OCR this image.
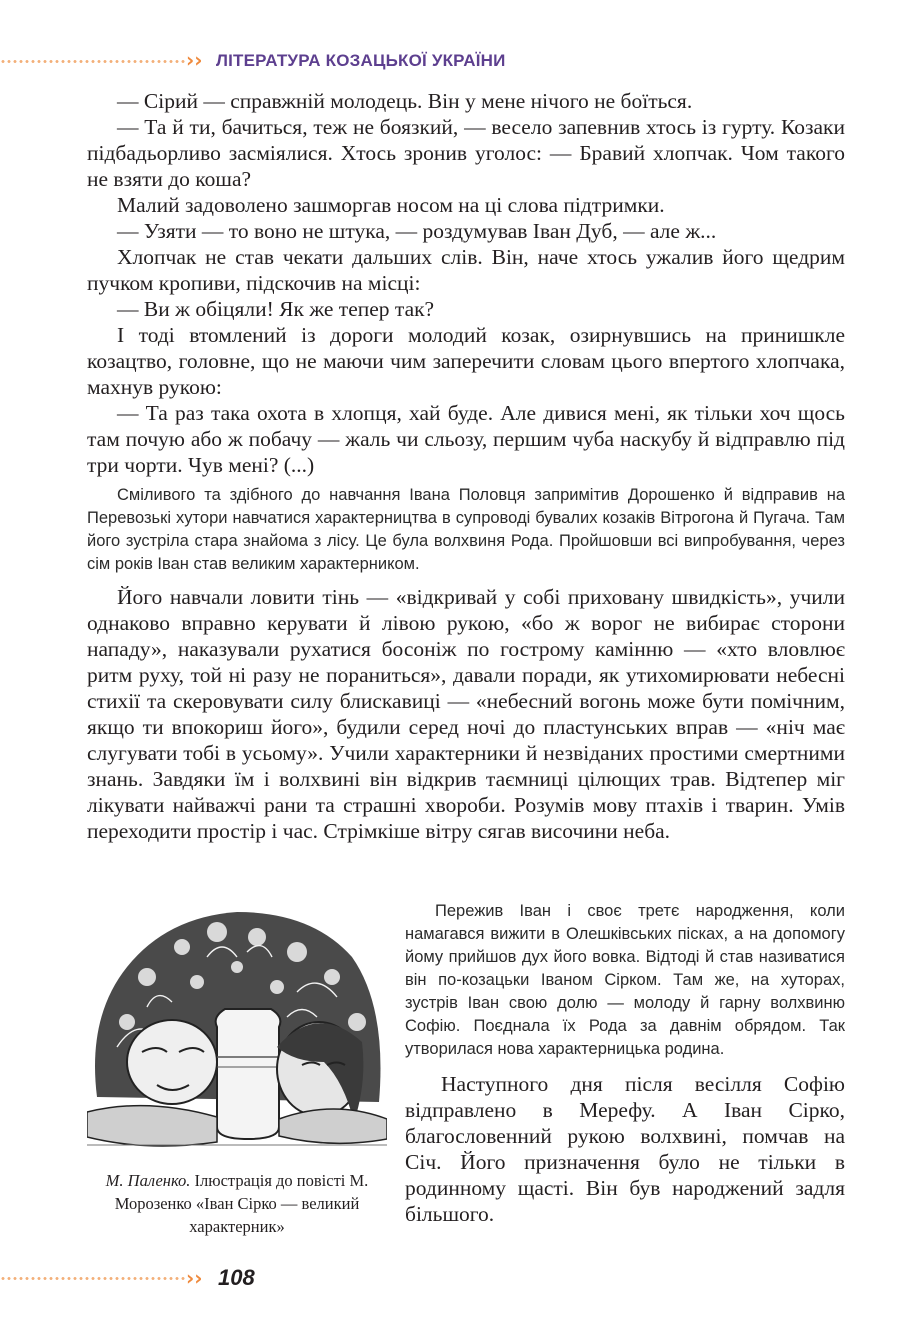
›› ЛІТЕРАТУРА КОЗАЦЬКОЇ УКРАЇНИ

— Сірий — справжній молодець. Він у мене нічого не боїться.

— Та й ти, бачиться, теж не боязкий, — весело запевнив хтось із гурту. Козаки підбадьорливо засміялися. Хтось зронив уголос: — Бравий хлопчак. Чом такого не взяти до коша?

Малий задоволено зашморгав носом на ці слова підтримки.

— Узяти — то воно не штука, — роздумував Іван Дуб, — але ж...

Хлопчак не став чекати дальших слів. Він, наче хтось ужалив його щедрим пучком кропиви, підскочив на місці:

— Ви ж обіцяли! Як же тепер так?

І тоді втомлений із дороги молодий козак, озирнувшись на принишкле козацтво, головне, що не маючи чим заперечити словам цього впертого хлопчака, махнув рукою:

— Та раз така охота в хлопця, хай буде. Але дивися мені, як тільки хоч щось там почую або ж побачу — жаль чи сльозу, першим чуба наскубу й відправлю під три чорти. Чув мені? (...)

Сміливого та здібного до навчання Івана Половця запримітив Дорошенко й відправив на Перевозькі хутори навчатися характерництва в супроводі бувалих козаків Вітрогона й Пугача. Там його зустріла стара знайома з лісу. Це була волхвиня Рода. Пройшовши всі випробування, через сім років Іван став великим характерником.

Його навчали ловити тінь — «відкривай у собі приховану швидкість», учили однаково вправно керувати й лівою рукою, «бо ж ворог не вибирає сторони нападу», наказували рухатися босоніж по гострому камінню — «хто вловлює ритм руху, той ні разу не пораниться», давали поради, як утихомирювати небесні стихії та скеровувати силу блискавиці — «небесний вогонь може бути помічним, якщо ти впокориш його», будили серед ночі до пластунських вправ — «ніч має слугувати тобі в усьому». Учили характерники й незвіданих простими смертними знань. Завдяки їм і волхвині він відкрив таємниці цілющих трав. Відтепер міг лікувати найважчі рани та страшні хвороби. Розумів мову птахів і тварин. Умів переходити простір і час. Стрімкіше вітру сягав височини неба.

М. Паленко. Ілюстрація до повісті М. Морозенко «Іван Сірко — великий характерник»

Пережив Іван і своє третє народження, коли намагався вижити в Олешківських пісках, а на допомогу йому прийшов дух його вовка. Відтоді й став називатися він по-козацьки Іваном Сірком. Там же, на хуторах, зустрів Іван свою долю — молоду й гарну волхвиню Софію. Поєднала їх Рода за давнім обрядом. Так утворилася нова характерницька родина.

Наступного дня після весілля Софію відправлено в Мерефу. А Іван Сірко, благословенний рукою волхвині, помчав на Січ. Його призначення було не тільки в родинному щасті. Він був народжений задля більшого.

›› 108
